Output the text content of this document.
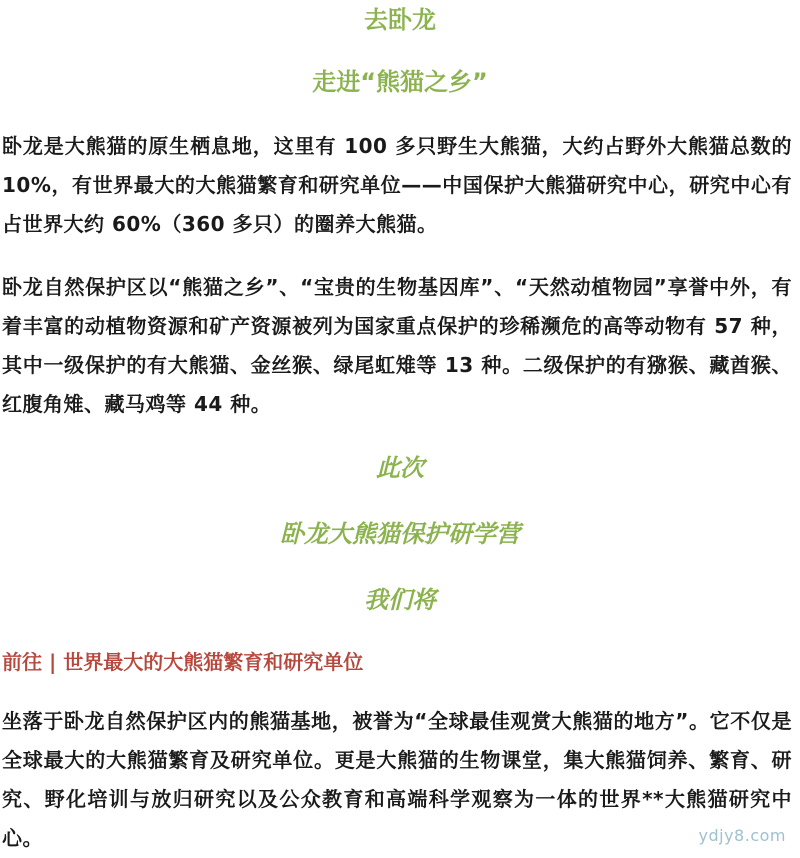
去卧龙
走进“熊猫之乡”

卧龙是大熊猫的原生栖息地，这里有 100 多只野生大熊猫，大约占野外大熊猫总数的 10%，有世界最大的大熊猫繁育和研究单位——中国保护大熊猫研究中心，研究中心有占世界大约 60%（360 多只）的圈养大熊猫。

卧龙自然保护区以“熊猫之乡”、“宝贵的生物基因库”、“天然动植物园”享誉中外，有着丰富的动植物资源和矿产资源被列为国家重点保护的珍稀濒危的高等动物有 57 种，其中一级保护的有大熊猫、金丝猴、绿尾虹雉等 13 种。二级保护的有猕猴、藏酋猴、红腹角雉、藏马鸡等 44 种。

此次
卧龙大熊猫保护研学营
我们将
前往 | 世界最大的大熊猫繁育和研究单位

坐落于卧龙自然保护区内的熊猫基地，被誉为“全球最佳观赏大熊猫的地方”。它不仅是全球最大的大熊猫繁育及研究单位。更是大熊猫的生物课堂，集大熊猫饲养、繁育、研究、野化培训与放归研究以及公众教育和高端科学观察为一体的世界**大熊猫研究中心。	ydjy8.com
